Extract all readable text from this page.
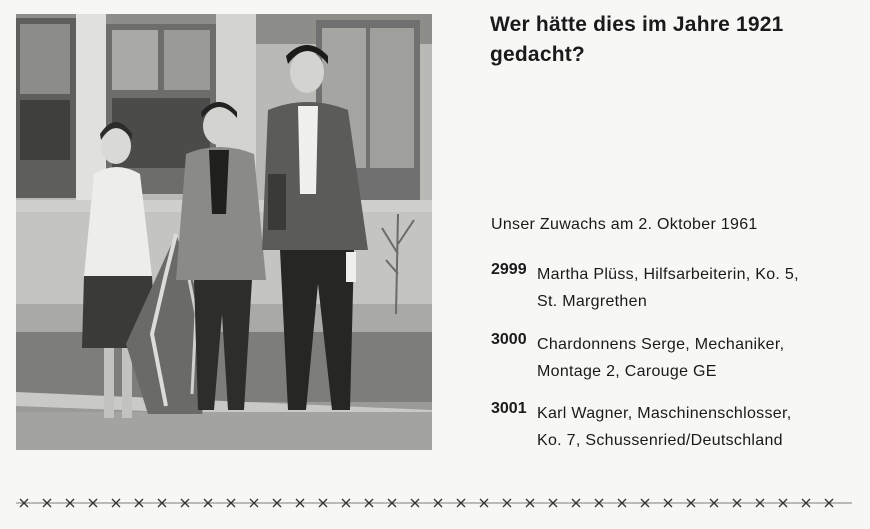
Wer hätte dies im Jahre 1921
gedacht?
Unser Zuwachs am 2. Oktober 1961
2999 Martha Plüss, Hilfsarbeiterin, Ko. 5,
St. Margrethen
3000 Chardonnens Serge, Mechaniker,
Montage 2, Carouge GE
3001 Karl Wagner, Maschinenschlosser,
Ko. 7, Schussenried/Deutschland
